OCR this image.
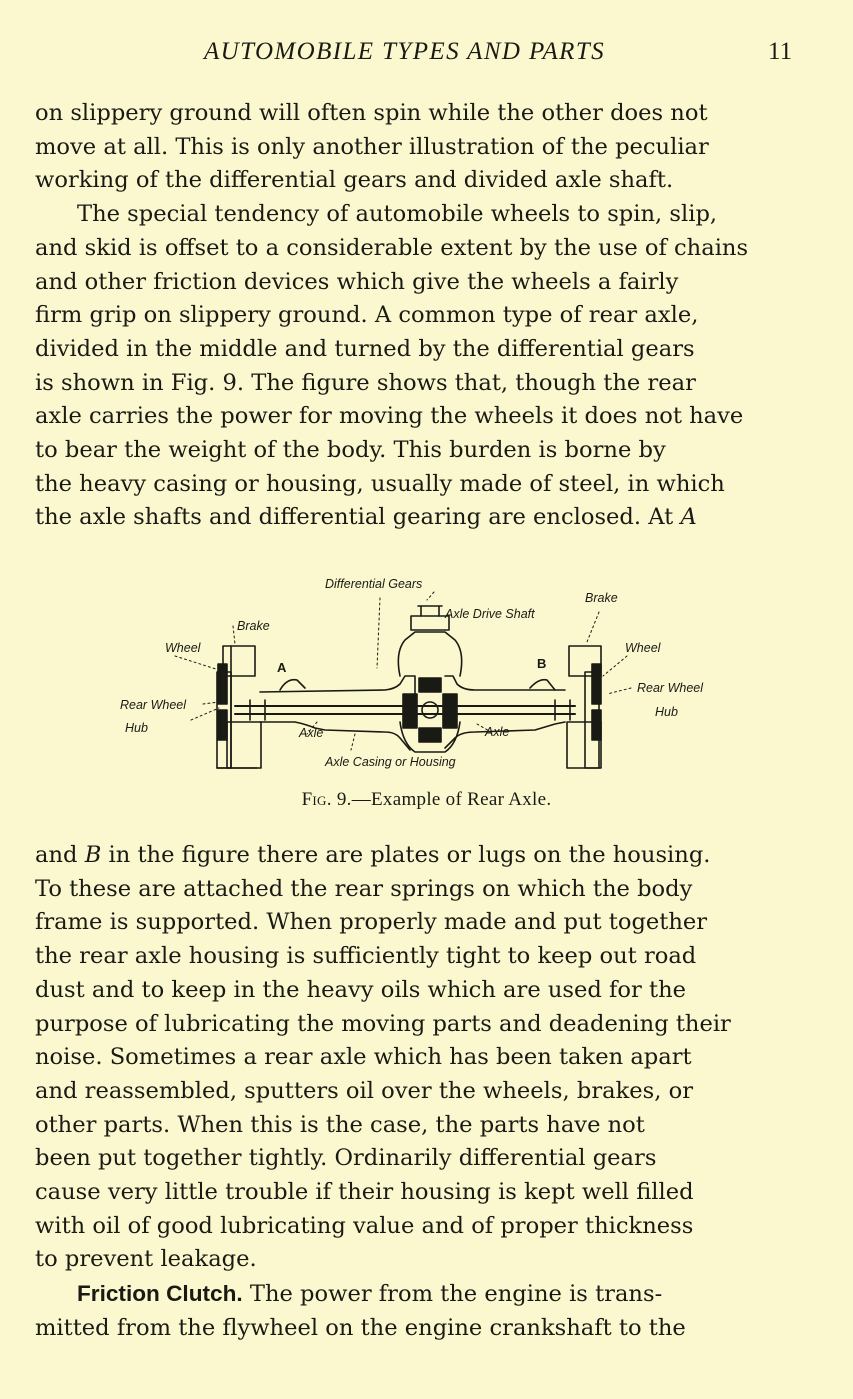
AUTOMOBILE TYPES AND PARTS	11

on slippery ground will often spin while the other does not
move at all. This is only another illustration of the peculiar
working of the differential gears and divided axle shaft.

The special tendency of automobile wheels to spin, slip,
and skid is offset to a considerable extent by the use of chains
and other friction devices which give the wheels a fairly
firm grip on slippery ground. A common type of rear axle,
divided in the middle and turned by the differential gears
is shown in Fig. 9. The figure shows that, though the rear
axle carries the power for moving the wheels it does not have
to bear the weight of the body. This burden is borne by
the heavy casing or housing, usually made of steel, in which
the axle shafts and differential gearing are enclosed. At A

Differential Gears
Axle Drive Shaft
Brake
Brake
Wheel	Wheel
Rear Wheel
Hub
Rear Wheel
Hub
Axle	Axle
Axle Casing or Housing
A	B
Fig. 9.—Example of Rear Axle.

and B in the figure there are plates or lugs on the housing.
To these are attached the rear springs on which the body
frame is supported. When properly made and put together
the rear axle housing is sufficiently tight to keep out road
dust and to keep in the heavy oils which are used for the
purpose of lubricating the moving parts and deadening their
noise. Sometimes a rear axle which has been taken apart
and reassembled, sputters oil over the wheels, brakes, or
other parts. When this is the case, the parts have not
been put together tightly. Ordinarily differential gears
cause very little trouble if their housing is kept well filled
with oil of good lubricating value and of proper thickness
to prevent leakage.

Friction Clutch. The power from the engine is trans-
mitted from the flywheel on the engine crankshaft to the
